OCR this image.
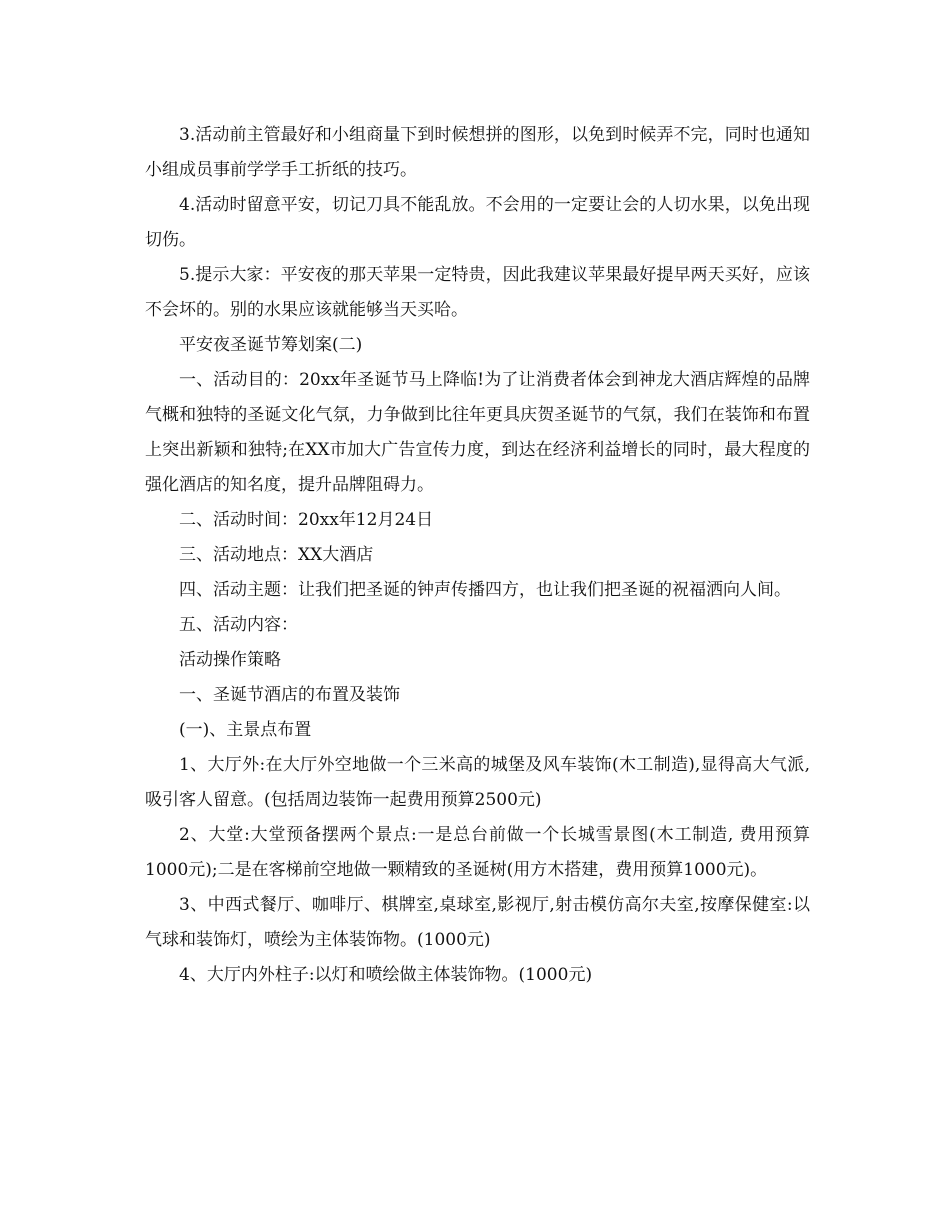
3.活动前主管最好和小组商量下到时候想拼的图形，以免到时候弄不完，同时也通知小组成员事前学学手工折纸的技巧。

4.活动时留意平安，切记刀具不能乱放。不会用的一定要让会的人切水果，以免出现切伤。

5.提示大家：平安夜的那天苹果一定特贵，因此我建议苹果最好提早两天买好，应该不会坏的。别的水果应该就能够当天买哈。

平安夜圣诞节筹划案(二)

一、活动目的：20xx年圣诞节马上降临!为了让消费者体会到神龙大酒店辉煌的品牌气概和独特的圣诞文化气氛，力争做到比往年更具庆贺圣诞节的气氛，我们在装饰和布置上突出新颖和独特;在XX市加大广告宣传力度，到达在经济利益增长的同时，最大程度的强化酒店的知名度，提升品牌阻碍力。

二、活动时间：20xx年12月24日

三、活动地点：XX大酒店

四、活动主题：让我们把圣诞的钟声传播四方，也让我们把圣诞的祝福洒向人间。

五、活动内容：

活动操作策略

一、圣诞节酒店的布置及装饰

(一)、主景点布置

1、大厅外:在大厅外空地做一个三米高的城堡及风车装饰(木工制造),显得高大气派,吸引客人留意。(包括周边装饰一起费用预算2500元)

2、大堂:大堂预备摆两个景点:一是总台前做一个长城雪景图(木工制造, 费用预算1000元);二是在客梯前空地做一颗精致的圣诞树(用方木搭建，费用预算1000元)。

3、中西式餐厅、咖啡厅、棋牌室,桌球室,影视厅,射击模仿高尔夫室,按摩保健室:以气球和装饰灯，喷绘为主体装饰物。(1000元)

4、大厅内外柱子:以灯和喷绘做主体装饰物。(1000元)
